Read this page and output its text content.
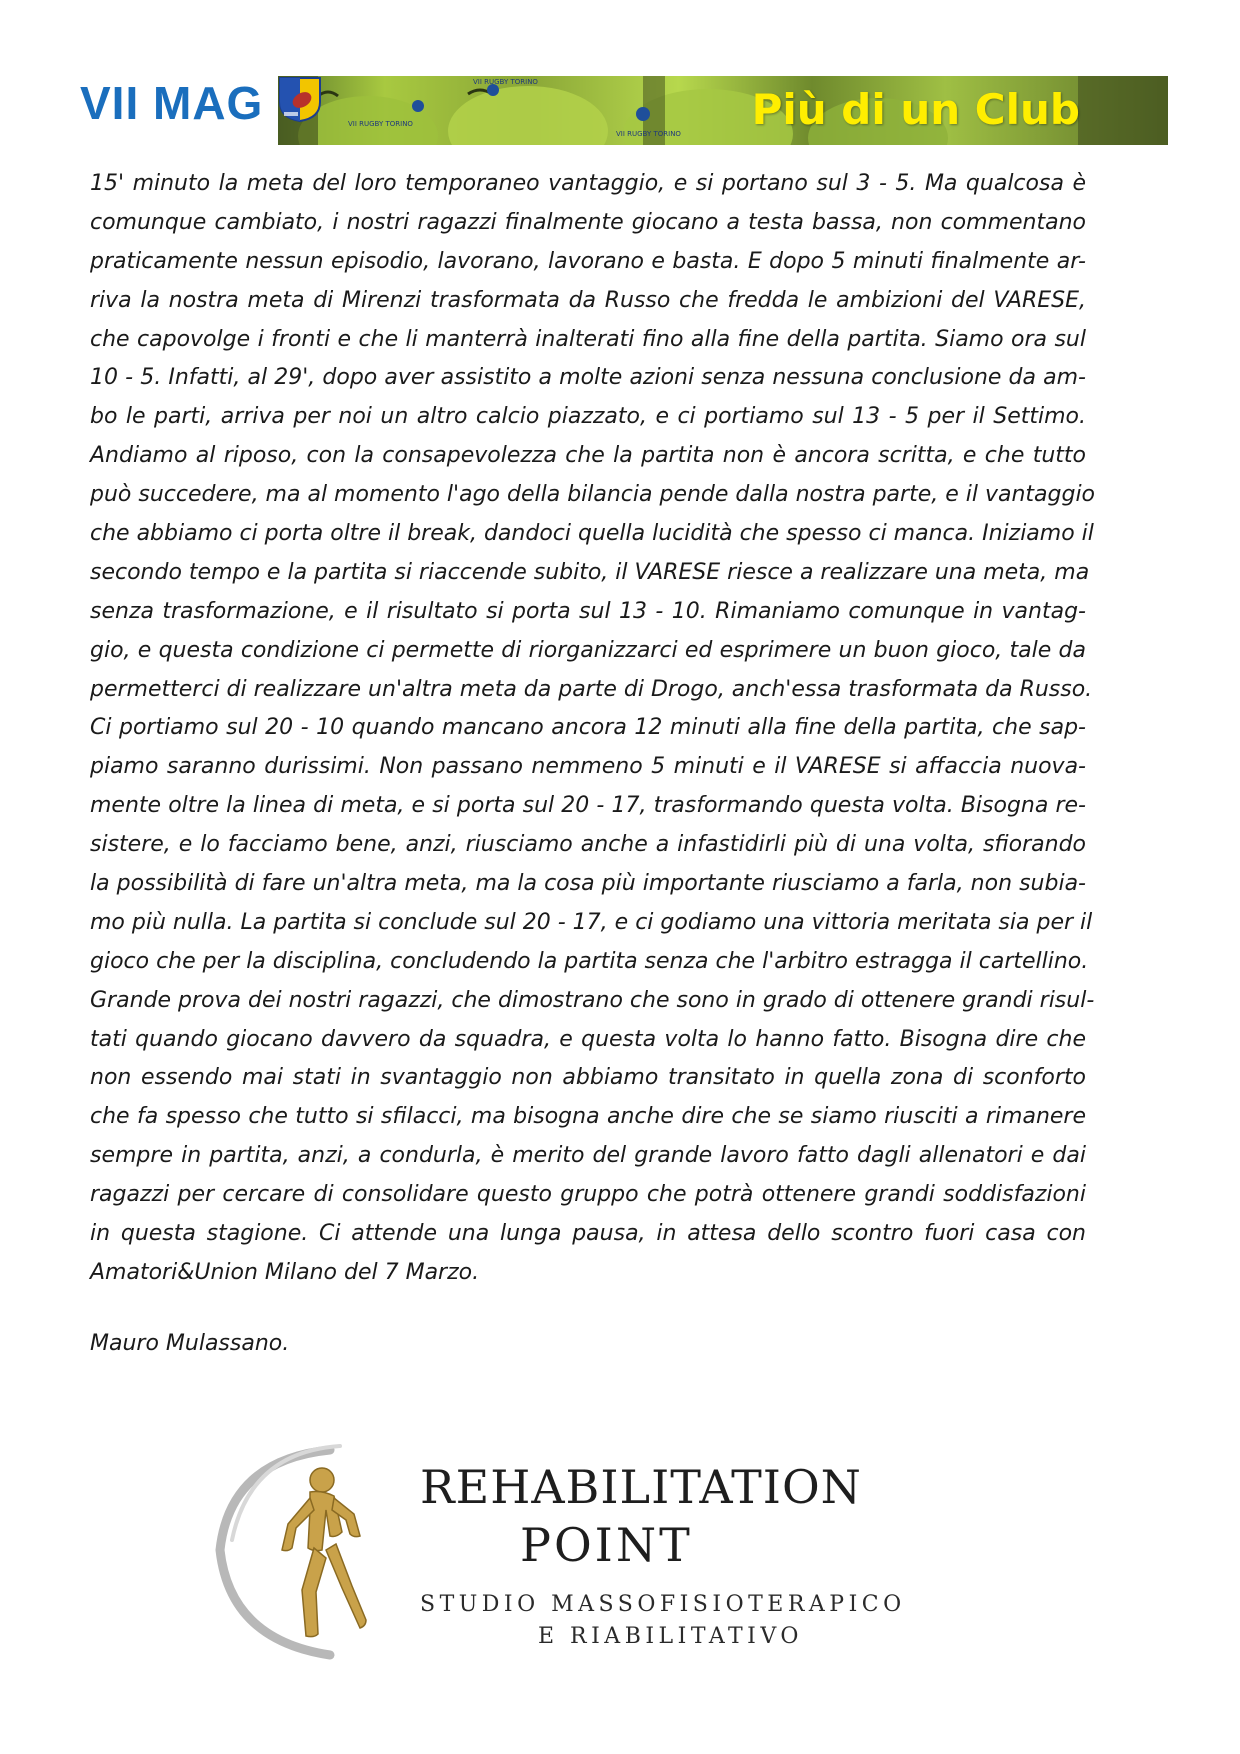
VII MAG	VII RUGBY TORINO
VII RUGBY TORINO
VII RUGBY TORINO Più di un Club
15' minuto la meta del loro temporaneo vantaggio, e si portano sul 3 - 5. Ma qualcosa è
comunque cambiato, i nostri ragazzi finalmente giocano a testa bassa, non commentano
praticamente nessun episodio, lavorano, lavorano e basta. E dopo 5 minuti finalmente ar-
riva la nostra meta di Mirenzi trasformata da Russo che fredda le ambizioni del VARESE,
che capovolge i fronti e che li manterrà inalterati fino alla fine della partita. Siamo ora sul
10 - 5. Infatti, al 29', dopo aver assistito a molte azioni senza nessuna conclusione da am-
bo le parti, arriva per noi un altro calcio piazzato, e ci portiamo sul 13 - 5 per il Settimo.
Andiamo al riposo, con la consapevolezza che la partita non è ancora scritta, e che tutto
può succedere, ma al momento l'ago della bilancia pende dalla nostra parte, e il vantaggio
che abbiamo ci porta oltre il break, dandoci quella lucidità che spesso ci manca. Iniziamo il
secondo tempo e la partita si riaccende subito, il VARESE riesce a realizzare una meta, ma
senza trasformazione, e il risultato si porta sul 13 - 10. Rimaniamo comunque in vantag-
gio, e questa condizione ci permette di riorganizzarci ed esprimere un buon gioco, tale da
permetterci di realizzare un'altra meta da parte di Drogo, anch'essa trasformata da Russo.
Ci portiamo sul 20 - 10 quando mancano ancora 12 minuti alla fine della partita, che sap-
piamo saranno durissimi. Non passano nemmeno 5 minuti e il VARESE si affaccia nuova-
mente oltre la linea di meta, e si porta sul 20 - 17, trasformando questa volta. Bisogna re-
sistere, e lo facciamo bene, anzi, riusciamo anche a infastidirli più di una volta, sfiorando
la possibilità di fare un'altra meta, ma la cosa più importante riusciamo a farla, non subia-
mo più nulla. La partita si conclude sul 20 - 17, e ci godiamo una vittoria meritata sia per il
gioco che per la disciplina, concludendo la partita senza che l'arbitro estragga il cartellino.
Grande prova dei nostri ragazzi, che dimostrano che sono in grado di ottenere grandi risul-
tati quando giocano davvero da squadra, e questa volta lo hanno fatto. Bisogna dire che
non essendo mai stati in svantaggio non abbiamo transitato in quella zona di sconforto
che fa spesso che tutto si sfilacci, ma bisogna anche dire che se siamo riusciti a rimanere
sempre in partita, anzi, a condurla, è merito del grande lavoro fatto dagli allenatori e dai
ragazzi per cercare di consolidare questo gruppo che potrà ottenere grandi soddisfazioni
in questa stagione. Ci attende una lunga pausa, in attesa dello scontro fuori casa con
Amatori&Union Milano del 7 Marzo.
Mauro Mulassano.
REHABILITATION
POINT
STUDIO MASSOFISIOTERAPICO
E RIABILITATIVO
